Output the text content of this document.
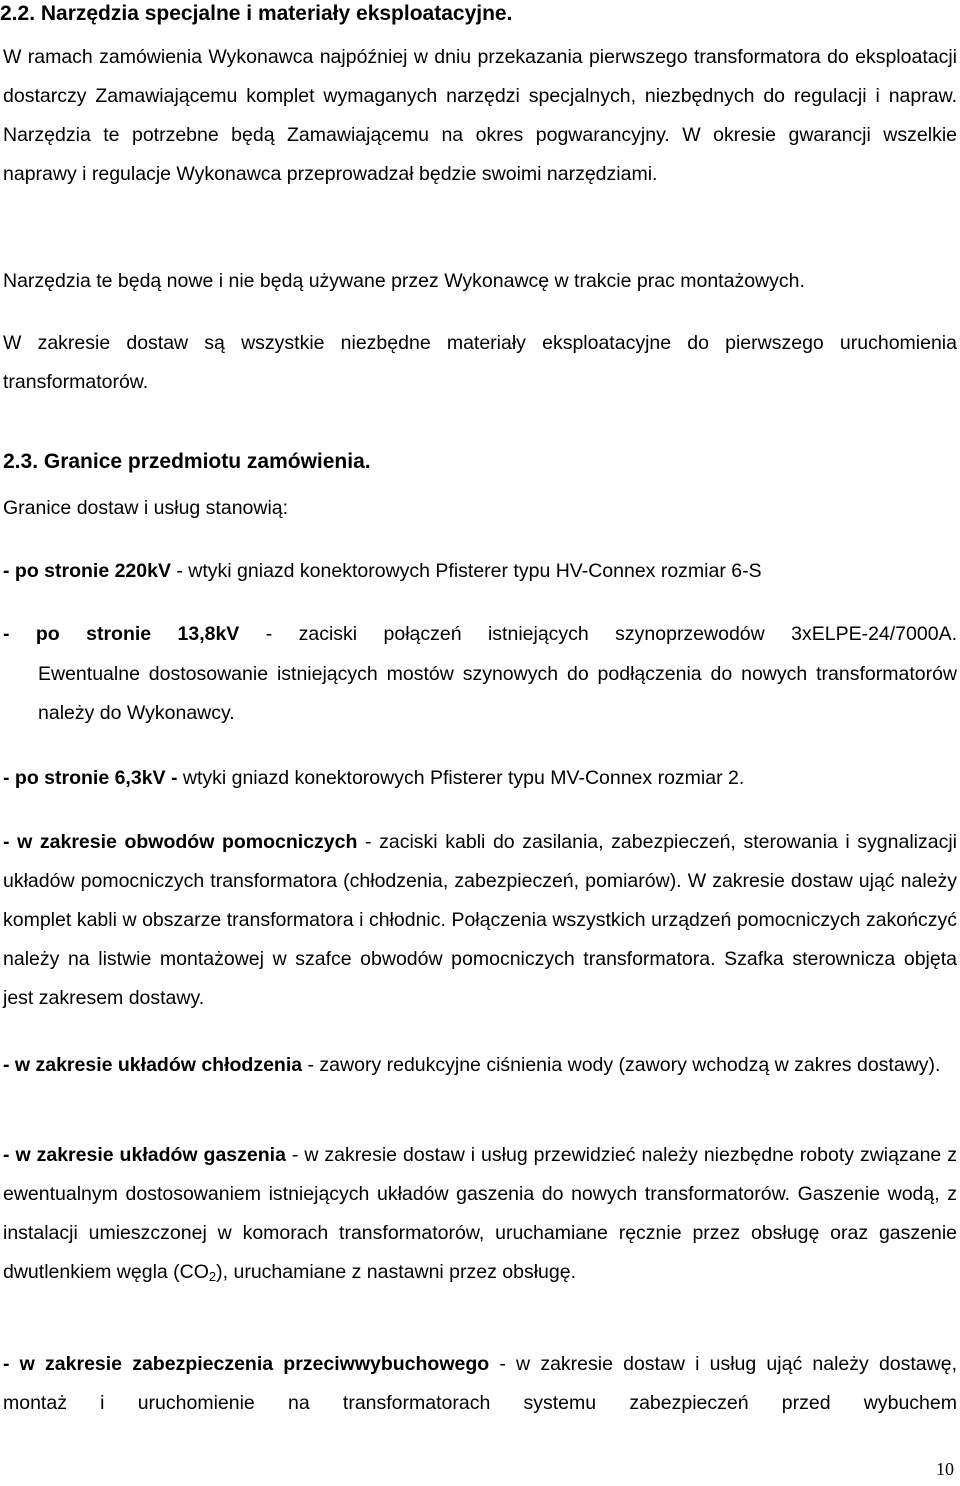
2.2. Narzędzia specjalne i materiały eksploatacyjne.
W ramach zamówienia Wykonawca najpóźniej w dniu przekazania pierwszego transformatora do eksploatacji dostarczy Zamawiającemu komplet wymaganych narzędzi specjalnych, niezbędnych do regulacji i napraw. Narzędzia te potrzebne będą Zamawiającemu na okres pogwarancyjny. W okresie gwarancji wszelkie naprawy i regulacje Wykonawca przeprowadzał będzie swoimi narzędziami.
Narzędzia te będą nowe i nie będą używane przez Wykonawcę w trakcie prac montażowych.
W zakresie dostaw są wszystkie niezbędne materiały eksploatacyjne do pierwszego uruchomienia transformatorów.
2.3. Granice przedmiotu zamówienia.
Granice dostaw i usług stanowią:
- po stronie 220kV - wtyki gniazd konektorowych Pfisterer typu HV-Connex rozmiar 6-S
- po stronie 13,8kV - zaciski połączeń istniejących szynoprzewodów 3xELPE-24/7000A.
Ewentualne dostosowanie istniejących mostów szynowych do podłączenia do nowych transformatorów należy do Wykonawcy.
- po stronie 6,3kV - wtyki gniazd konektorowych Pfisterer typu MV-Connex rozmiar 2.
- w zakresie obwodów pomocniczych - zaciski kabli do zasilania, zabezpieczeń, sterowania i sygnalizacji układów pomocniczych transformatora (chłodzenia, zabezpieczeń, pomiarów). W zakresie dostaw ująć należy komplet kabli w obszarze transformatora i chłodnic. Połączenia wszystkich urządzeń pomocniczych zakończyć należy na listwie montażowej w szafce obwodów pomocniczych transformatora. Szafka sterownicza objęta jest zakresem dostawy.
- w zakresie układów chłodzenia - zawory redukcyjne ciśnienia wody (zawory wchodzą w zakres dostawy).
- w zakresie układów gaszenia - w zakresie dostaw i usług przewidzieć należy niezbędne roboty związane z ewentualnym dostosowaniem istniejących układów gaszenia do nowych transformatorów. Gaszenie wodą, z instalacji umieszczonej w komorach transformatorów, uruchamiane ręcznie przez obsługę oraz gaszenie dwutlenkiem węgla $(CO_2)$, uruchamiane z nastawni przez obsługę.
- w zakresie zabezpieczenia przeciwwybuchowego - w zakresie dostaw i usług ująć należy dostawę, montaż i uruchomienie na transformatorach systemu zabezpieczeń przed wybuchem
10
